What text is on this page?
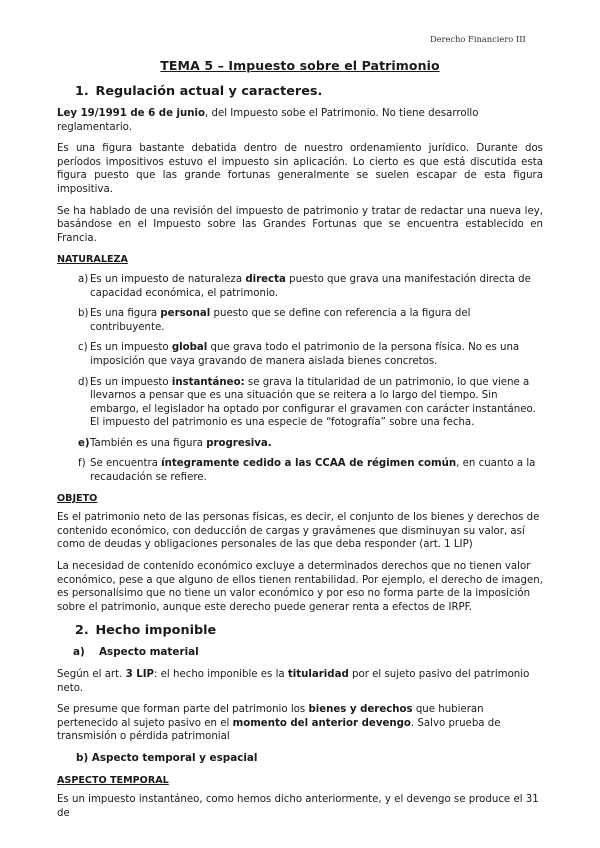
Derecho Financiero III
TEMA 5 – Impuesto sobre el Patrimonio
1. Regulación actual y caracteres.

Ley 19/1991 de 6 de junio, del Impuesto sobe el Patrimonio. No tiene desarrollo reglamentario.

Es una figura bastante debatida dentro de nuestro ordenamiento jurídico. Durante dos períodos impositivos estuvo el impuesto sin aplicación. Lo cierto es que está discutida esta figura puesto que las grande fortunas generalmente se suelen escapar de esta figura impositiva.

Se ha hablado de una revisión del impuesto de patrimonio y tratar de redactar una nueva ley, basándose en el Impuesto sobre las Grandes Fortunas que se encuentra establecido en Francia.

NATURALEZA
a) Es un impuesto de naturaleza directa puesto que grava una manifestación directa de capacidad económica, el patrimonio.
b) Es una figura personal puesto que se define con referencia a la figura del contribuyente.
c) Es un impuesto global que grava todo el patrimonio de la persona física. No es una imposición que vaya gravando de manera aislada bienes concretos.
d) Es un impuesto instantáneo: se grava la titularidad de un patrimonio, lo que viene a llevarnos a pensar que es una situación que se reitera a lo largo del tiempo. Sin embargo, el legislador ha optado por configurar el gravamen con carácter instantáneo. El impuesto del patrimonio es una especie de “fotografía” sobre una fecha.
e) También es una figura progresiva.
f) Se encuentra íntegramente cedido a las CCAA de régimen común, en cuanto a la recaudación se refiere.
OBJETO

Es el patrimonio neto de las personas físicas, es decir, el conjunto de los bienes y derechos de contenido económico, con deducción de cargas y gravámenes que disminuyan su valor, así como de deudas y obligaciones personales de las que deba responder (art. 1 LIP)

La necesidad de contenido económico excluye a determinados derechos que no tienen valor económico, pese a que alguno de ellos tienen rentabilidad. Por ejemplo, el derecho de imagen, es personalísimo que no tiene un valor económico y por eso no forma parte de la imposición sobre el patrimonio, aunque este derecho puede generar renta a efectos de IRPF.

2. Hecho imponible
a) Aspecto material

Según el art. 3 LIP: el hecho imponible es la titularidad por el sujeto pasivo del patrimonio neto.

Se presume que forman parte del patrimonio los bienes y derechos que hubieran pertenecido al sujeto pasivo en el momento del anterior devengo. Salvo prueba de transmisión o pérdida patrimonial

b) Aspecto temporal y espacial
ASPECTO TEMPORAL

Es un impuesto instantáneo, como hemos dicho anteriormente, y el devengo se produce el 31 de
